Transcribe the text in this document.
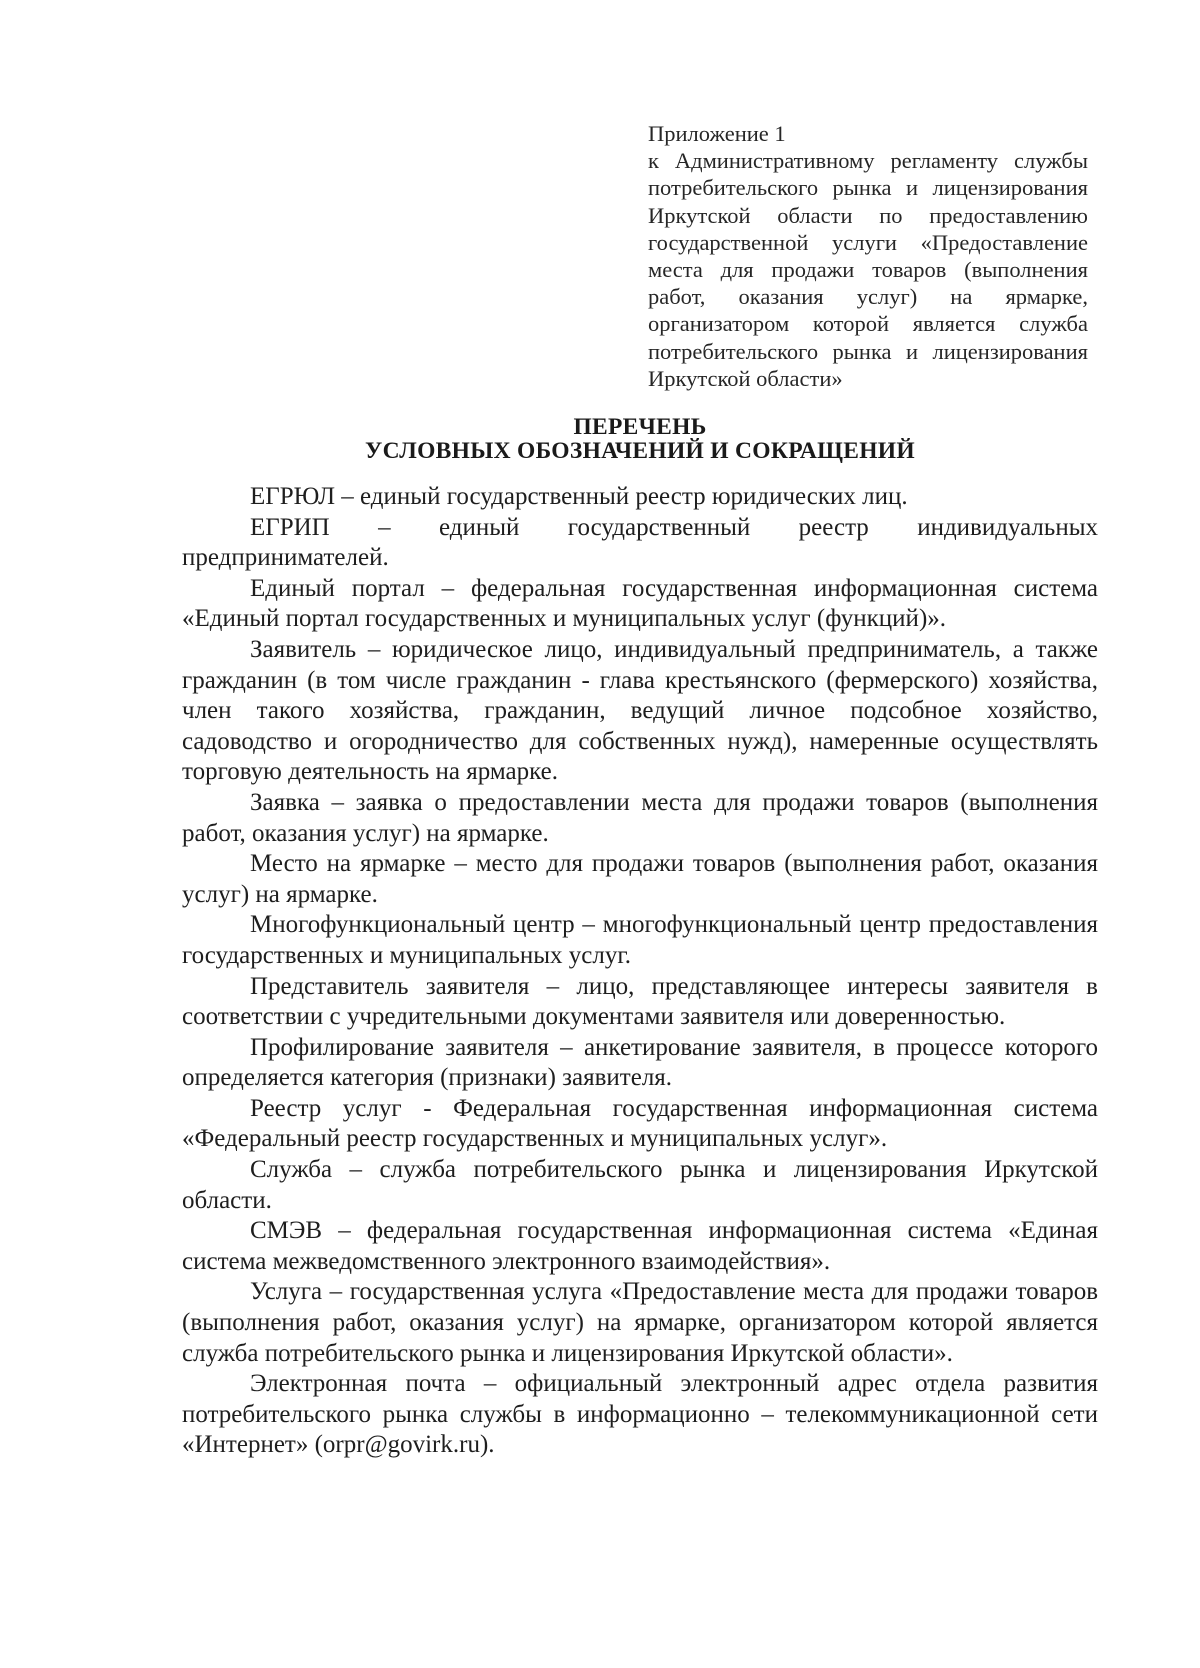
Приложение 1
к Административному регламенту службы потребительского рынка и лицензирования Иркутской области по предоставлению государственной услуги «Предоставление места для продажи товаров (выполнения работ, оказания услуг) на ярмарке, организатором которой является служба потребительского рынка и лицензирования Иркутской области»
ПЕРЕЧЕНЬ
УСЛОВНЫХ ОБОЗНАЧЕНИЙ И СОКРАЩЕНИЙ

ЕГРЮЛ – единый государственный реестр юридических лиц.

ЕГРИП – единый государственный реестр индивидуальных предпринимателей.

Единый портал – федеральная государственная информационная система «Единый портал государственных и муниципальных услуг (функций)».

Заявитель – юридическое лицо, индивидуальный предприниматель, а также гражданин (в том числе гражданин - глава крестьянского (фермерского) хозяйства, член такого хозяйства, гражданин, ведущий личное подсобное хозяйство, садоводство и огородничество для собственных нужд), намеренные осуществлять торговую деятельность на ярмарке.

Заявка – заявка о предоставлении места для продажи товаров (выполнения работ, оказания услуг) на ярмарке.

Место на ярмарке – место для продажи товаров (выполнения работ, оказания услуг) на ярмарке.

Многофункциональный центр – многофункциональный центр предоставления государственных и муниципальных услуг.

Представитель заявителя – лицо, представляющее интересы заявителя в соответствии с учредительными документами заявителя или доверенностью.

Профилирование заявителя – анкетирование заявителя, в процессе которого определяется категория (признаки) заявителя.

Реестр услуг - Федеральная государственная информационная система «Федеральный реестр государственных и муниципальных услуг».

Служба – служба потребительского рынка и лицензирования Иркутской области.

СМЭВ – федеральная государственная информационная система «Единая система межведомственного электронного взаимодействия».

Услуга – государственная услуга «Предоставление места для продажи товаров (выполнения работ, оказания услуг) на ярмарке, организатором которой является служба потребительского рынка и лицензирования Иркутской области».

Электронная почта – официальный электронный адрес отдела развития потребительского рынка службы в информационно – телекоммуникационной сети «Интернет» (orpr@govirk.ru).
